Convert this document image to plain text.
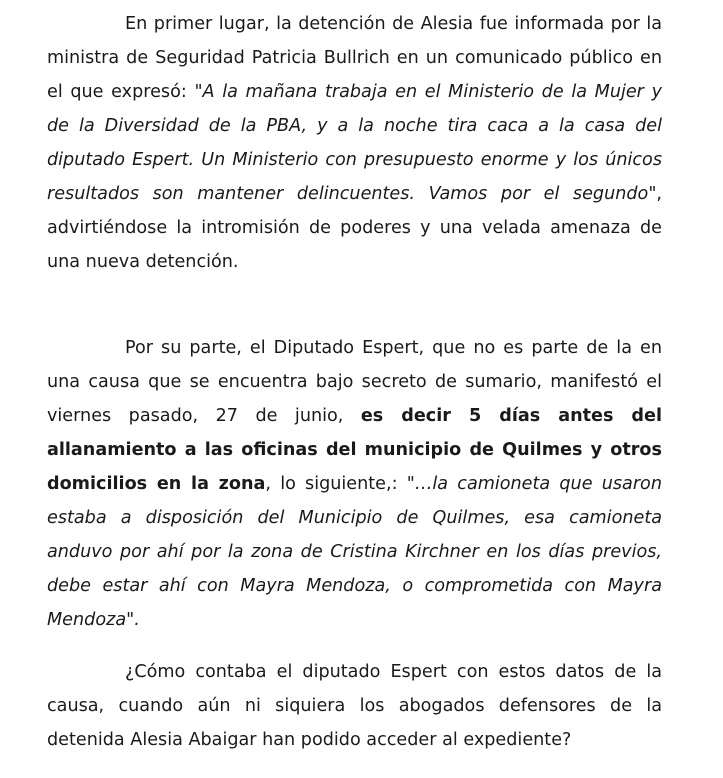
En primer lugar, la detención de Alesia fue informada por la ministra de Seguridad Patricia Bullrich en un comunicado público en el que expresó: "A la mañana trabaja en el Ministerio de la Mujer y de la Diversidad de la PBA, y a la noche tira caca a la casa del diputado Espert. Un Ministerio con presupuesto enorme y los únicos resultados son mantener delincuentes. Vamos por el segundo", advirtiéndose la intromisión de poderes y una velada amenaza de una nueva detención.

Por su parte, el Diputado Espert, que no es parte de la en una causa que se encuentra bajo secreto de sumario, manifestó el viernes pasado, 27 de junio, es decir 5 días antes del allanamiento a las oficinas del municipio de Quilmes y otros domicilios en la zona, lo siguiente,: "…la camioneta que usaron estaba a disposición del Municipio de Quilmes, esa camioneta anduvo por ahí por la zona de Cristina Kirchner en los días previos, debe estar ahí con Mayra Mendoza, o comprometida con Mayra Mendoza".

¿Cómo contaba el diputado Espert con estos datos de la causa, cuando aún ni siquiera los abogados defensores de la detenida Alesia Abaigar han podido acceder al expediente?
